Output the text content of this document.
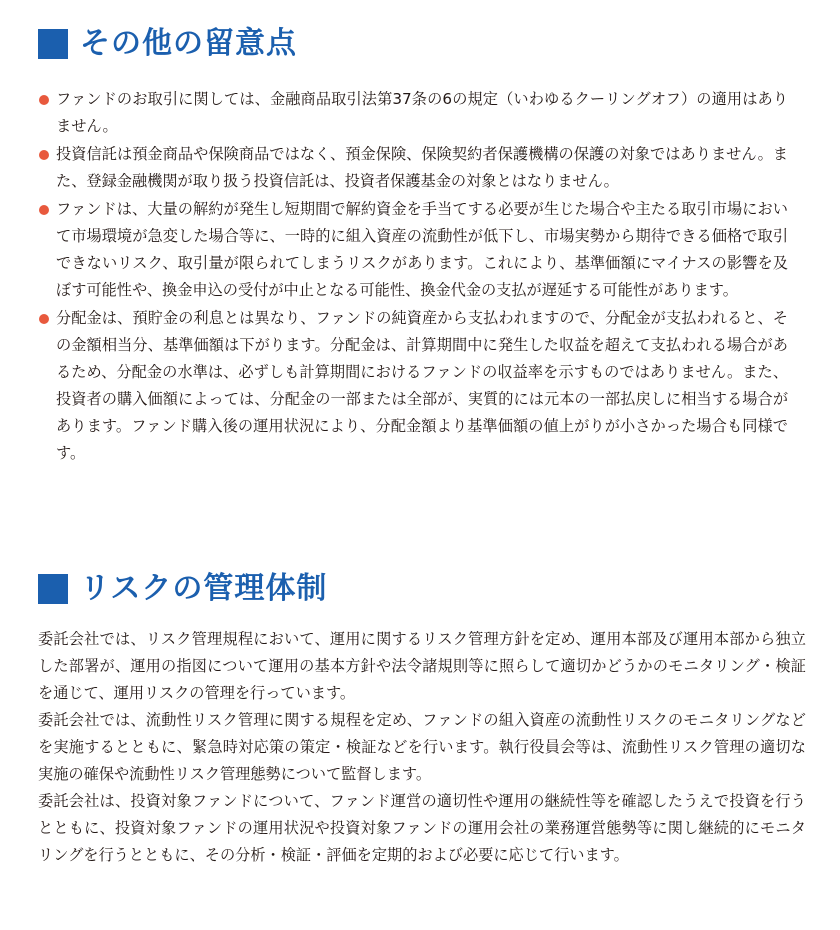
その他の留意点
ファンドのお取引に関しては、金融商品取引法第37条の6の規定（いわゆるクーリングオフ）の適用はありません。
投資信託は預金商品や保険商品ではなく、預金保険、保険契約者保護機構の保護の対象ではありません。また、登録金融機関が取り扱う投資信託は、投資者保護基金の対象とはなりません。
ファンドは、大量の解約が発生し短期間で解約資金を手当てする必要が生じた場合や主たる取引市場において市場環境が急変した場合等に、一時的に組入資産の流動性が低下し、市場実勢から期待できる価格で取引できないリスク、取引量が限られてしまうリスクがあります。これにより、基準価額にマイナスの影響を及ぼす可能性や、換金申込の受付が中止となる可能性、換金代金の支払が遅延する可能性があります。
分配金は、預貯金の利息とは異なり、ファンドの純資産から支払われますので、分配金が支払われると、その金額相当分、基準価額は下がります。分配金は、計算期間中に発生した収益を超えて支払われる場合があるため、分配金の水準は、必ずしも計算期間におけるファンドの収益率を示すものではありません。また、投資者の購入価額によっては、分配金の一部または全部が、実質的には元本の一部払戻しに相当する場合があります。ファンド購入後の運用状況により、分配金額より基準価額の値上がりが小さかった場合も同様です。
リスクの管理体制

委託会社では、リスク管理規程において、運用に関するリスク管理方針を定め、運用本部及び運用本部から独立した部署が、運用の指図について運用の基本方針や法令諸規則等に照らして適切かどうかのモニタリング・検証を通じて、運用リスクの管理を行っています。

委託会社では、流動性リスク管理に関する規程を定め、ファンドの組入資産の流動性リスクのモニタリングなどを実施するとともに、緊急時対応策の策定・検証などを行います。執行役員会等は、流動性リスク管理の適切な実施の確保や流動性リスク管理態勢について監督します。

委託会社は、投資対象ファンドについて、ファンド運営の適切性や運用の継続性等を確認したうえで投資を行うとともに、投資対象ファンドの運用状況や投資対象ファンドの運用会社の業務運営態勢等に関し継続的にモニタリングを行うとともに、その分析・検証・評価を定期的および必要に応じて行います。
